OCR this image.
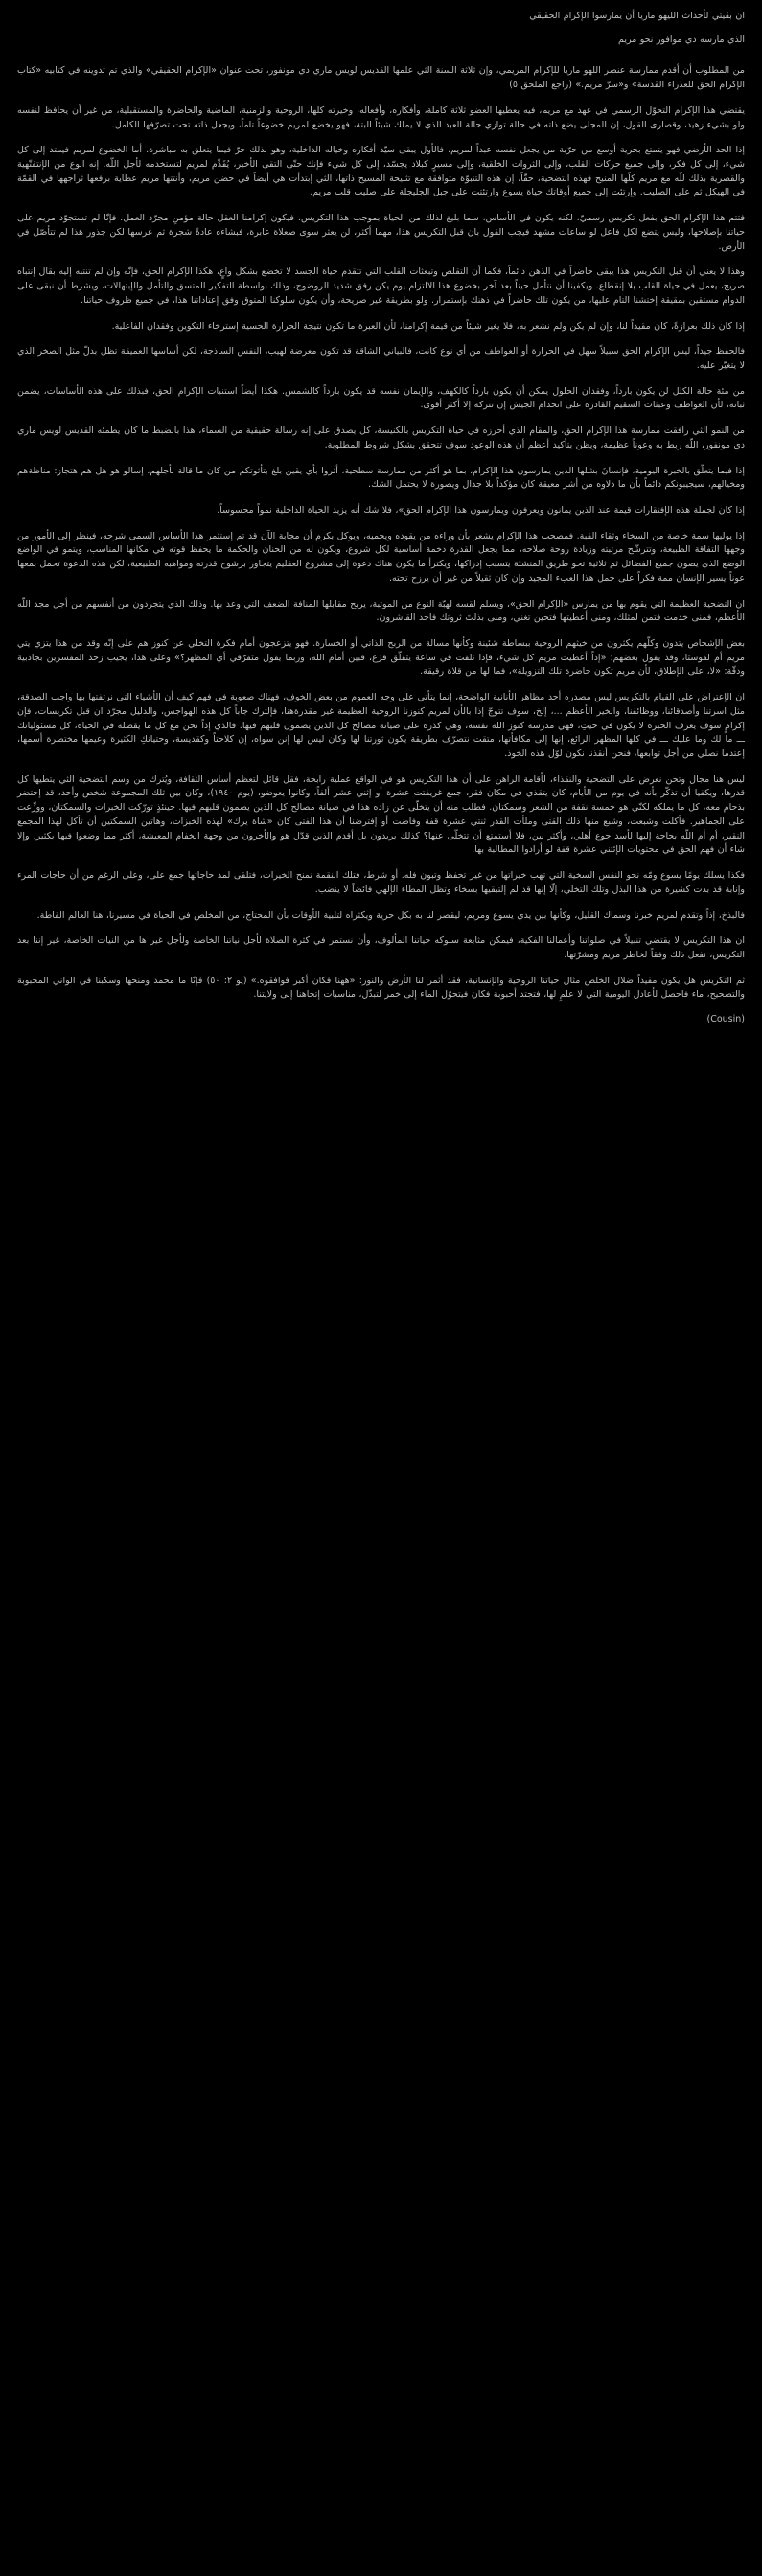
ان بقيتي لأحداث الليهو ماريا أن يمارسوا الإكرام الحقيقي

الذي مارسه دي موافور نحو مريم

من المطلوب أن أقدم ممارسة عنصر اللهو ماريا للإكرام المريمي، وإن ثلاثة السنة الثي علمها القديس لويس ماري دي مونفور، تحت عنوان «الإكرام الحقيقي» والذي تم تدوينه في كتابيه «كتاب الإكرام الحق للعذراء القدسة» و«سرّ مريم.» (راجع الملحق ٥)

يقتضي هذا الإكرام التحوّل الرسمي في عهد مع مريم، فيه يعطيها العضو ثلاثة كاملة، وأفكاره، وأفعاله، وخيرته كلها، الروحية والزمنية، الماضية والحاضرة والمستقبلية، من غير أن يحافظ لنفسه ولو بشيء زهيد، وقصارى القول، إن المجلى يضع ذاته في حالة توازي حالة العبد الذي لا يملك شيئاً البتة، فهو يخضع لمريم خضوعاً تاماً، ويجعل ذاته تحت تصرّفها الكامل.

إذا الحد الأرضي فهو يتمتع بحرية أوسع من حرّية من يجعل نفسه عبداً لمريم. فالأول يبقى سيّد أفكاره وخياله الداخلية، وهو بذلك حرّ فيما يتعلق به مباشرة. أما الخضوع لمريم فيمتد إلى كل شيء، إلى كل فكر، وإلى جميع حركات القلب، وإلى الثروات الخلقية، وإلى مسيرٍ كبلاد يجسّد، إلى كل شيء فإنك حتّى التقى الأخير، يُقَدِّم لمريم لتستخدمه لأجل اللّه. إنه انوع من الإنتفتّهية والقصرية بذلك للّه مع مريم كلّها المنيح فهذه التضحية، حقّاً، إن هذه التنبوّة متوافقة مع تثبيحة المسيح ذاتها، الثي إبتدأت هي أيضاً في حضن مريم، وأنتتها مريم عطاية برفعها ثراجهها في القمّة في الهيكل ثم على الصليب. وإرتئت إلى جميع أوقاتك حياة يسوع وارتئتت على جبل الجليجلة على صليب قلب مريم.

فتتم هذا الإكرام الحق بفعل تكريس رسميّ، لكنه يكون في الأساس، سما بليغ لذلك من الحياة بموجب هذا التكريس، فيكون إكرامنا العقل حالة مؤمنِ مجرّد العمل. فإنّا لم تستجوّد مريم على حياتنا بإصلاحها، وليس يتضع لكل فاعل لو ساعات مشهد فيجب القول بان قبل التكريس هذا، مهما أكثر، لن يعثر سوى صعلاة عابرة، فبشاءه عادةً شجرة ثم عرسها لكن جذور هذا لم تتأصّل في الأرض.

وهذا لا يعني أن قبل التكريس هذا يبقى حاضراً في الذهن دائماً، فكما أن التقلص وتبعثات القلب التي تتقدم حياة الجسد لا تخضع بشكل واعٍ، هكذا الإكرام الحق، فإنّه وإن لم تنتبه إليه بقال إنتباه صريح، يعمل في حياة القلب بلا إنقطاع. ويكفينا أن نتأمل حيناً بعد آخر بخضوع هذا الالتزام يوم يكن رفق شديد الروضوح، وذلك بواسطة التفكير المتسق والتأمل والإبتهالات، ويشرط أن نبقى على الدوام مستقين بمقيقة إختشنا التام عليها، من يكون تلك حاضراً في ذهنك بإستمرار. ولو بطريقة غير صريحة، وأن يكون سلوكنا المتوق وفق إعتاداتنا هذا، في جميع ظروف حياتنا.

إذا كان ذلك بعرازةً، كان مقيداً لنا، وإن لم يكن ولم نشعر به، فلا يغير شيئاً من قيمة إكرامنا، لأن العبرة ما تكون نتيجة الحرارة الحسية إسترخاء التكوين وفقدان الفاعلية.

فالحفظ جيداً، ليس الإكرام الحق سبيلاً سهل في الحرارة أو العواطف من أي نوع كانت، فالبياني الشاقة قد تكون معرضة لهيب، النفس الساذجة، لكن أساسها العميقة تظل بدلّ مثل الصخر الذي لا يتغيّر عليه.

من مئة حالة الكلل لن يكون بارداً، وفقدان الحلول يمكن أن يكون بارداً كالكهف، والإيمان نفسه قد يكون بارداً كالشمس. هكذا أيضاً استنبات الإكرام الحق، فبذلك على هذه الأساسات، يضمن ثباته، لأن العواطف وعبثات السقيم القادرة على انحدام الجيش إن تتركه إلا أكثر أقوى.

من النمو الثي رافقت ممارسة هذا الإكرام الحق، والمقام الذي أحرزه في حياة التكريس بالكنيسة، كل يصدق على إنه رسالة حقيقية من السماء، هذا بالضبط ما كان يطمئه القديس لويس ماري دي مونفور، اللّه ربط به وعوناً عظيمة، ويظن بتأكيد أعظم أن هذه الوعود سوف تتحقق بشكل شروط المطلوبة.

إذا فيما يتعلّق بالخبرة اليومية، فإنسانَ بشلها الذين يمارسون هذا الإكرام، بما هو أكثر من ممارسة سطحية، أثروا بأي يقين بلغ بتأثوتكم من كان ما قالة لأجلهم، إسالو هو هل هم هتجاز: مناظةهم ومخيالهم، سيجيبونكم دائماً بأن ما دلاوه من أشر معيقة كان مؤكداً بلا جدال ويصورة لا يحتمل الشك.

إذا كان لجملة هذه الإفتقارات قيمة عند الذين يمانون ويعرفون ويمارسون هذا الإكرام الحق»، فلا شك أنه يزيد الحياة الداخلية نمواً محسوساً.

إذا يوليها سمة خاصة من السخاء وثقاء القبة. فمصحب هذا الإكرام يشعر بأن وراءه من يقوده ويحميه، ويوكل بكرم أن مجابة الآن قد تم إستثمر هذا الأساس السمي شرحه، فينظر إلى الأمور من وجهها التفاقة الطبيعة، وتترشّح مرتبته وزيادة روحة صلاحه، مما يجعل القدرة دخمة أساسية لكل شروع، ويكون له من الحنان والحكمة ما يحفظ قوته في مكانها المناسب، ويتمو في الواضع الوضع الذي يصون جميع الفضائل ثم ثلاثية تحو طريق المنشئة يتسبب إدراكها، ويكترأ ما يكون هناك دعوة إلى مشروع العقليم يتجاوز برشوح قدرته ومواهبه الطبيعية، لكن هذه الدعوة تحمل بمعها عوناً يسير الإنسان ممة فكراً على حمل هذا العبء المجيد وإن كان ثقيلاً من غير أن يرزح تحته.

ان التضحية العظيمة التي يقوم بها من يمارس «الإكرام الحق»، ويسلم لقسه لهبّة النوع من الموتبة، يربح مقابلها المنافة الضعف التي وعد بها. وذلك الذي يتجردون من أنفسهم من أجل مجد اللّه الأعظم، فمنى خدمت فتمن لمثلك، ومنى أعطيتها فتحين تغني، ومنى بذلتَ ثروتك فاحد القاشرون.

بعض الإشخاص يتدون وكلّهم يكثرون من خيثهم الروحية ببساطة شئينة وكأنها مسالة من الربح الذاتي أو الخسارة. فهو يتزعجون أمام فكرة التخلي عن كنوز هم على إنّه وقد من هذا يتزي يتي مريم أم لفوستا، وقد يقول بعضهم: «إذاً أعطيت مريم كل شيء، فإذا نلقت في ساعة يتقلّق فزغ، فبين أمام الله، وربما يقول متفرّقي أي المظهر؟» وعلى هذا، يجيب زحد المفسرين بجاذبية ودقّة: «لا، على الإطلاق، لأن مريم تكون حاضرة تلك التزويلة»، فما لها من قلاة رقيقة.

ان الإعتراض على القيام بالتكريس ليس مصدره أحد مظاهر الأنانية الواضحة، إنما يتأتي على وجه العموم من بعض الخوف، فهناك صعوبة في فهم كيف أن الأشياء التي نرتفتها بها واجب الصدقة، مثل اسرتنا وأصدقائنا، ووظائفنا، والخير الأعظم ...، إلخ، سوف تتوجّ إذا بالأن لمريم كنوزنا الروحية العظيمة غير مقدرةهنا، فإلترك جاباً كل هذه الهواجس، والدليل مجرّد ان قبل تكريسات، فإن إكرامٍ سوف يعرف الخبرة لا يكون في حيثِ، فهي مدرسة كنوز الله نفسه، وهي كذرة على صيانة مصالح كل الذين يضمون قلبهم فيها. فالذي إذاً نحن مع كل ما يقضله في الحياة، كل مسئولياتك ـــ ما لك وما عليك ـــ في كلها المظهر الرائع، إنها إلى مكافأتها، متقت نتصرّف بطريقة يكون ثورتنا لها وكان ليس لها إنن سواه، إن كلاحتاً وكقديسة، وحتيانكِ الكثيرة وعيمها مختصرة أسمها، إعتدما نصلي من أجل توابعها، فنحن أنقذنا نكون لوّل هذه الخوذ.

ليس هنا مجال وتحن نعرض على التضحية والنقذاء، لأقامة الراهن على أن هذا التكريس هو في الواقع عملية رابحة، فقل قائل لتعظم أساس الثقافة، ويُترك من وسم التضحية الثي يتطيها كل قدرها، ويكفيا أن تذكّر بأنه في يوم من الأيام، كان يتقذي في مكان فقر، جمع غريفتت عشرة أو إثني عشر ألفاً، وكانوا يعوضو، (يوم ١٩٤٠)، وكان بين ثلك المجموعة شخص وأحد، قد إحتضر بذحام معه، كل ما يملكه لكنّي هو خمسة نقفة من الشعر وسمكتان. فطلب منه أن يتخلّى عن زاده هذا في صيانة مصالح كل الذين يضمون قلبهم فيها. حينئذٍ تورّكت الخبرات والسمكتان، ووزِّعت على الجماهير. فأكلت وشبعت، وشبع منها ذلك القتى وملأت القدر ثنتي عشرة قفة وفاضت أو إفترضنا أن هذا الفتى كان «شاة يرك» لهذه الخبزات، وهاتين السمكتين أن تأكل لهذا المجمع النقير، أم أم اللّه بحاجة إليها لأسد جوع أهلي، وأكثر بين، فلا أستمتع أن تتخلّى عنها؟ كذلك يريدون بل أقدم الذين قدّل هو والأخرون من وجهة الخفام المعيشة، أكثر مما وضعوا فيها بكثير، وإلا شاء أن فهم الحق في محتويات الإئتني عشرة قفة لو أرادوا المطالبة بها.

فكذا يسلك يومًا يسوع ومّه نحو النفس السخية التي تهب خيراتها من غير تحفظ وتبون فله. أو شرط، فتلك النقمة تمنح الخيرات، فتلقى لمد حاجاتها جمع على، وعلى الرغم من أن حاجات المرء وإنابة قد بدت كشيرة من هذا البذل وتلك التخلي، إلّا إنها قد لم إلتبقيها بسخاء وتظل المطاء الإلهي فائضاً لا ينضب.

فالبذخ، إذاً وتقدم لمريم خبرنا وسماك القليل، وكأنها بين يدي يسوع ومريم، ليقصر لنا به بكل حرية ويكثراه لتلبية الأوقات بأن المحتاج، من المخلص في الحياة في مسيرنا، هنا العالم القاطة.

ان هذا التكريس لا يقتضي تنبيلاً في صلواتنا وأعمالنا الفكية، فيمكن مثابعة سلوكه حياتنا المألوف، وأن نستمر في كثرة الصلاة لأجل نياتنا الخاصة ولأجل غير ها من النيات الخاصة، غير إننا بعد التكريس، نفعل ذلك وفقاً لخاطر مريم ومشرّتها.

ثم التكريس هل يكون مفيداً ضلال الخلص مثال حياتنا الروحية والإنسانية، فقد أثمر لنا الأرض والنور: «ههنا فكان أكبر فوافقوه.» (يو ٢: ٥٠) فإنّا ما محمد ومنحها وسكبنا في الواني المحبوبة والتصحيح، ماء فاحصل لأعادل اليومية التي لا علمٍ لها، فتجتد أحبوبة فكان فيتحوّل الماء إلى خمر لتبذّل، مناسبات إتجاهنا إلى ولايتنا.

(Cousin)
